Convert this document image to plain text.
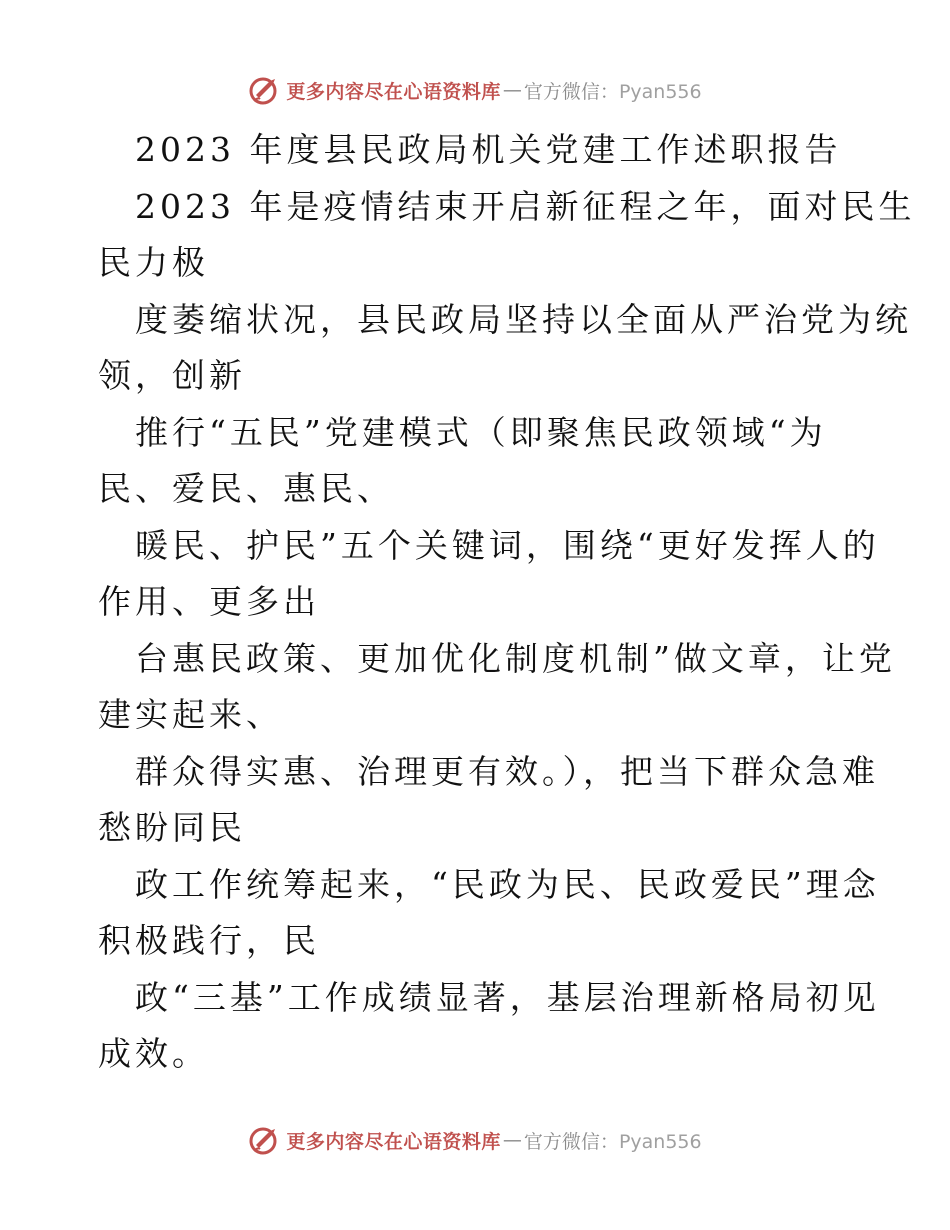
更多内容尽在心语资料库 — 官方微信：Pyan556
2023 年度县民政局机关党建工作述职报告
2023 年是疫情结束开启新征程之年，面对民生
民力极
度萎缩状况，县民政局坚持以全面从严治党为统
领，创新
推行“五民”党建模式（即聚焦民政领域“为
民、爱民、惠民、
暖民、护民”五个关键词，围绕“更好发挥人的
作用、更多出
台惠民政策、更加优化制度机制”做文章，让党
建实起来、
群众得实惠、治理更有效。），把当下群众急难
愁盼同民
政工作统筹起来，“民政为民、民政爱民”理念
积极践行，民
政“三基”工作成绩显著，基层治理新格局初见
成效。
更多内容尽在心语资料库 — 官方微信：Pyan556
